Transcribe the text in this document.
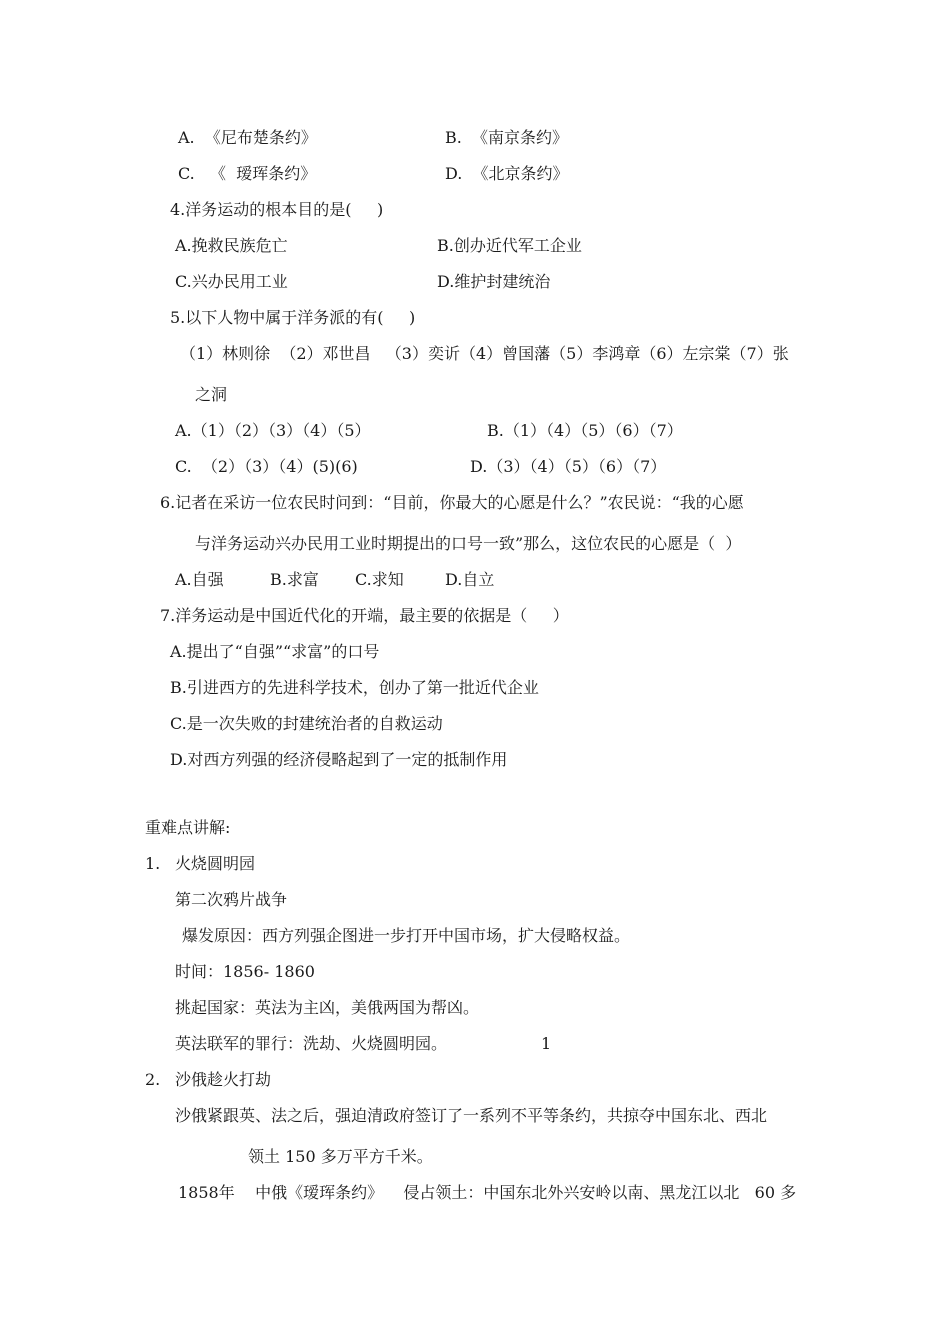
A.  《尼布楚条约》	B.  《南京条约》
C.   《  瑷珲条约》	D.  《北京条约》
4.洋务运动的根本目的是(     )
A.挽救民族危亡	B.创办近代军工企业
C.兴办民用工业	D.维护封建统治
5.以下人物中属于洋务派的有(     )
（1）林则徐  （2）邓世昌   （3）奕䜣（4）曾国藩（5）李鸿章（6）左宗棠（7）张
之洞
A.（1）（2）（3）（4）（5）	B.（1）（4）（5）（6）（7）
C.  （2）（3）（4）(5)(6)	D.（3）（4）（5）（6）（7）
6.记者在采访一位农民时问到：“目前，你最大的心愿是什么？”农民说：“我的心愿
与洋务运动兴办民用工业时期提出的口号一致”那么，这位农民的心愿是（  ）
A.自强	B.求富 C.求知	D.自立
7.洋务运动是中国近代化的开端，最主要的依据是（     ）
A.提出了“自强”“求富”的口号
B.引进西方的先进科学技术，创办了第一批近代企业
C.是一次失败的封建统治者的自救运动
D.对西方列强的经济侵略起到了一定的抵制作用
重难点讲解:
1. 火烧圆明园
第二次鸦片战争
爆发原因：西方列强企图进一步打开中国市场，扩大侵略权益。
时间：1856- 1860
挑起国家：英法为主凶，美俄两国为帮凶。
英法联军的罪行：洗劫、火烧圆明园。	1
2. 沙俄趁火打劫
沙俄紧跟英、法之后，强迫清政府签订了一系列不平等条约，共掠夺中国东北、西北
领土 150 多万平方千米。
1858年    中俄《瑷珲条约》    侵占领土：中国东北外兴安岭以南、黑龙江以北   60 多
